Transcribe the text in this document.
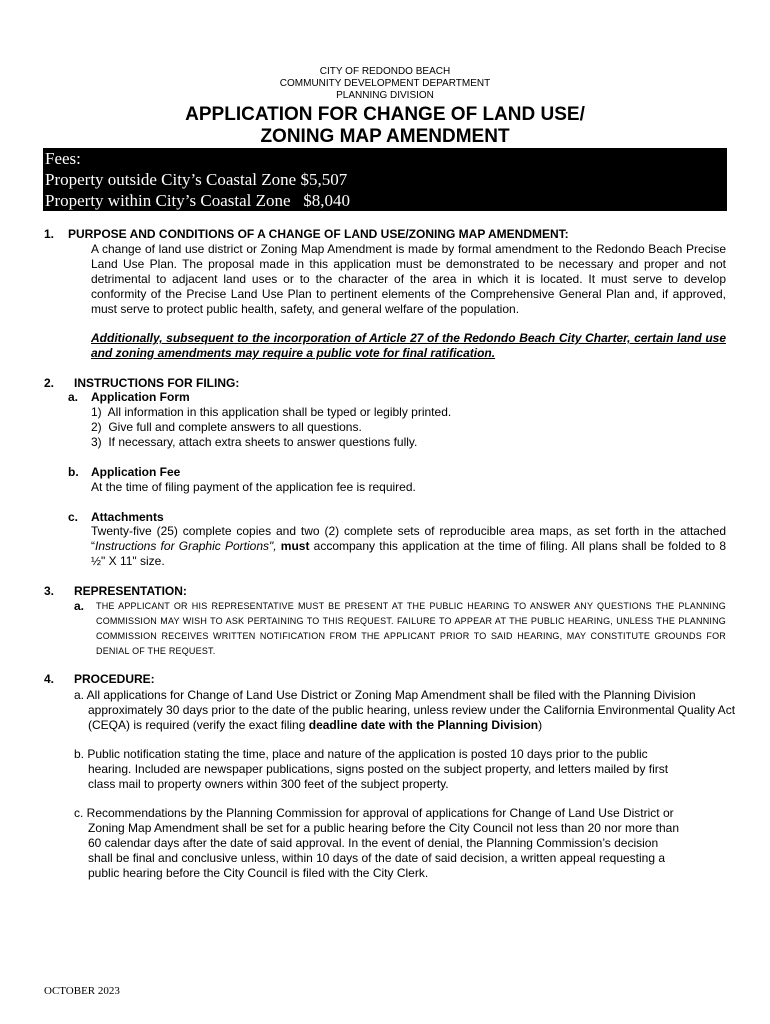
CITY OF REDONDO BEACH
COMMUNITY DEVELOPMENT DEPARTMENT
PLANNING DIVISION
APPLICATION FOR CHANGE OF LAND USE/
ZONING MAP AMENDMENT
Fees:
Property outside City’s Coastal Zone $5,507
Property within City’s Coastal Zone   $8,040
1. PURPOSE AND CONDITIONS OF A CHANGE OF LAND USE/ZONING MAP AMENDMENT:
A change of land use district or Zoning Map Amendment is made by formal amendment to the Redondo Beach Precise Land Use Plan. The proposal made in this application must be demonstrated to be necessary and proper and not detrimental to adjacent land uses or to the character of the area in which it is located. It must serve to develop conformity of the Precise Land Use Plan to pertinent elements of the Comprehensive General Plan and, if approved, must serve to protect public health, safety, and general welfare of the population.
Additionally, subsequent to the incorporation of Article 27 of the Redondo Beach City Charter, certain land use and zoning amendments may require a public vote for final ratification.
2. INSTRUCTIONS FOR FILING:
a. Application Form
1)  All information in this application shall be typed or legibly printed.
2)  Give full and complete answers to all questions.
3)  If necessary, attach extra sheets to answer questions fully.
b. Application Fee
At the time of filing payment of the application fee is required.
c. Attachments
Twenty-five (25) complete copies and two (2) complete sets of reproducible area maps, as set forth in the attached “Instructions for Graphic Portions", must accompany this application at the time of filing. All plans shall be folded to 8 ½" X 11" size.
3. REPRESENTATION:
a. THE APPLICANT OR HIS REPRESENTATIVE MUST BE PRESENT AT THE PUBLIC HEARING TO ANSWER ANY QUESTIONS THE PLANNING COMMISSION MAY WISH TO ASK PERTAINING TO THIS REQUEST. FAILURE TO APPEAR AT THE PUBLIC HEARING, UNLESS THE PLANNING COMMISSION RECEIVES WRITTEN NOTIFICATION FROM THE APPLICANT PRIOR TO SAID HEARING, MAY CONSTITUTE GROUNDS FOR DENIAL OF THE REQUEST.
4. PROCEDURE:
a. All applications for Change of Land Use District or Zoning Map Amendment shall be filed with the Planning Division approximately 30 days prior to the date of the public hearing, unless review under the California Environmental Quality Act (CEQA) is required (verify the exact filing deadline date with the Planning Division)
b. Public notification stating the time, place and nature of the application is posted 10 days prior to the public hearing. Included are newspaper publications, signs posted on the subject property, and letters mailed by first class mail to property owners within 300 feet of the subject property.
c. Recommendations by the Planning Commission for approval of applications for Change of Land Use District or Zoning Map Amendment shall be set for a public hearing before the City Council not less than 20 nor more than 60 calendar days after the date of said approval. In the event of denial, the Planning Commission’s decision shall be final and conclusive unless, within 10 days of the date of said decision, a written appeal requesting a public hearing before the City Council is filed with the City Clerk.
OCTOBER 2023
